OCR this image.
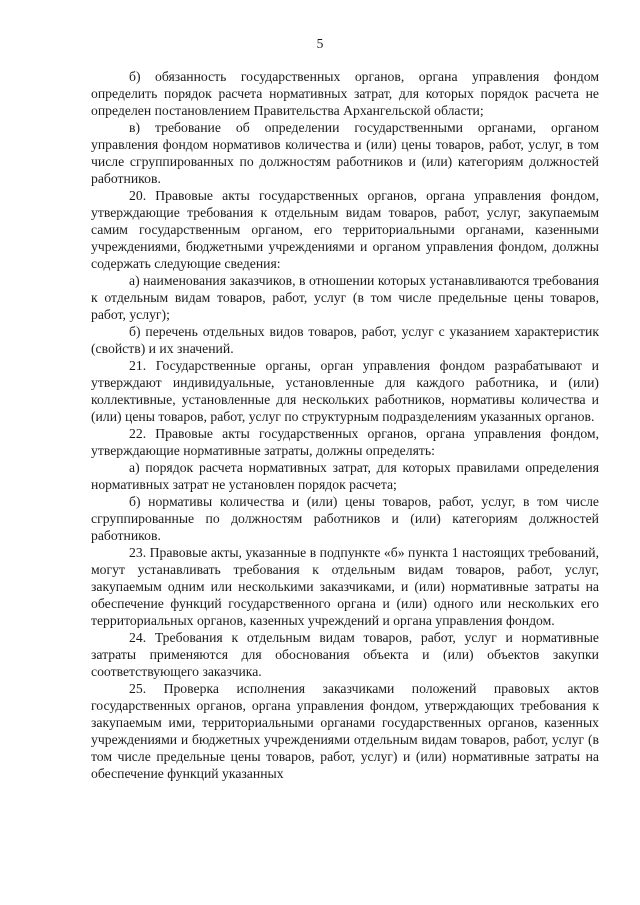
5

б) обязанность государственных органов, органа управления фондом определить порядок расчета нормативных затрат, для которых порядок расчета не определен постановлением Правительства Архангельской области;

в) требование об определении государственными органами, органом управления фондом нормативов количества и (или) цены товаров, работ, услуг, в том числе сгруппированных по должностям работников и (или) категориям должностей работников.

20. Правовые акты государственных органов, органа управления фондом, утверждающие требования к отдельным видам товаров, работ, услуг, закупаемым самим государственным органом, его территориальными органами, казенными учреждениями, бюджетными учреждениями и органом управления фондом, должны содержать следующие сведения:

а) наименования заказчиков, в отношении которых устанавливаются требования к отдельным видам товаров, работ, услуг (в том числе предельные цены товаров, работ, услуг);

б) перечень отдельных видов товаров, работ, услуг с указанием характеристик (свойств) и их значений.

21. Государственные органы, орган управления фондом разрабатывают и утверждают индивидуальные, установленные для каждого работника, и (или) коллективные, установленные для нескольких работников, нормативы количества и (или) цены товаров, работ, услуг по структурным подразделениям указанных органов.

22. Правовые акты государственных органов, органа управления фондом, утверждающие нормативные затраты, должны определять:

а) порядок расчета нормативных затрат, для которых правилами определения нормативных затрат не установлен порядок расчета;

б) нормативы количества и (или) цены товаров, работ, услуг, в том числе сгруппированные по должностям работников и (или) категориям должностей работников.

23. Правовые акты, указанные в подпункте «б» пункта 1 настоящих требований, могут устанавливать требования к отдельным видам товаров, работ, услуг, закупаемым одним или несколькими заказчиками, и (или) нормативные затраты на обеспечение функций государственного органа и (или) одного или нескольких его территориальных органов, казенных учреждений и органа управления фондом.

24. Требования к отдельным видам товаров, работ, услуг и нормативные затраты применяются для обоснования объекта и (или) объектов закупки соответствующего заказчика.

25. Проверка исполнения заказчиками положений правовых актов государственных органов, органа управления фондом, утверждающих требования к закупаемым ими, территориальными органами государственных органов, казенных учреждениями и бюджетных учреждениями отдельным видам товаров, работ, услуг (в том числе предельные цены товаров, работ, услуг) и (или) нормативные затраты на обеспечение функций указанных
